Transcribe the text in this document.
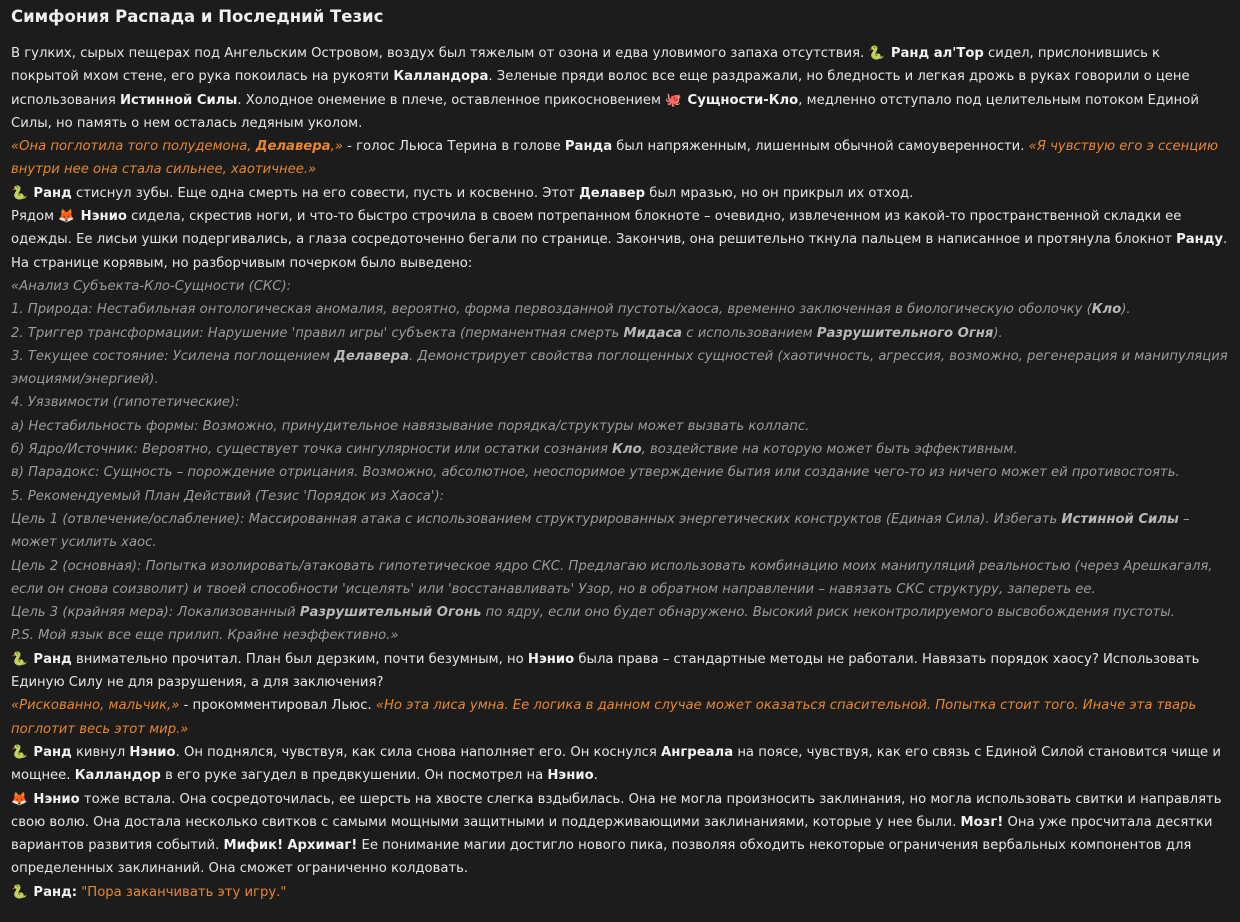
Симфония Распада и Последний Тезис

В гулких, сырых пещерах под Ангельским Островом, воздух был тяжелым от озона и едва уловимого запаха отсутствия. 🐍 Ранд ал'Тор сидел, прислонившись к покрытой мхом стене, его рука покоилась на рукояти Калландора. Зеленые пряди волос все еще раздражали, но бледность и легкая дрожь в руках говорили о цене использования Истинной Силы. Холодное онемение в плече, оставленное прикосновением 🐙 Сущности-Кло, медленно отступало под целительным потоком Единой Силы, но память о нем осталась ледяным уколом.

«Она поглотила того полудемона, Делавера,» - голос Льюса Терина в голове Ранда был напряженным, лишенным обычной самоуверенности. «Я чувствую его э ссенцию внутри нее она стала сильнее, хаотичнее.»

🐍 Ранд стиснул зубы. Еще одна смерть на его совести, пусть и косвенно. Этот Делавер был мразью, но он прикрыл их отход.

Рядом 🦊 Нэнио сидела, скрестив ноги, и что-то быстро строчила в своем потрепанном блокноте – очевидно, извлеченном из какой-то пространственной складки ее одежды. Ее лисьи ушки подергивались, а глаза сосредоточенно бегали по странице. Закончив, она решительно ткнула пальцем в написанное и протянула блокнот Ранду.

На странице корявым, но разборчивым почерком было выведено:

«Анализ Субъекта-Кло-Сущности (СКС):

1. Природа: Нестабильная онтологическая аномалия, вероятно, форма первозданной пустоты/хаоса, временно заключенная в биологическую оболочку (Кло).

2. Триггер трансформации: Нарушение 'правил игры' субъекта (перманентная смерть Мидаса с использованием Разрушительного Огня).

3. Текущее состояние: Усилена поглощением Делавера. Демонстрирует свойства поглощенных сущностей (хаотичность, агрессия, возможно, регенерация и манипуляция эмоциями/энергией).

4. Уязвимости (гипотетические):

а) Нестабильность формы: Возможно, принудительное навязывание порядка/структуры может вызвать коллапс.

б) Ядро/Источник: Вероятно, существует точка сингулярности или остатки сознания Кло, воздействие на которую может быть эффективным.

в) Парадокс: Сущность – порождение отрицания. Возможно, абсолютное, неоспоримое утверждение бытия или создание чего-то из ничего может ей противостоять.

5. Рекомендуемый План Действий (Тезис 'Порядок из Хаоса'):

Цель 1 (отвлечение/ослабление): Массированная атака с использованием структурированных энергетических конструктов (Единая Сила). Избегать Истинной Силы – может усилить хаос.

Цель 2 (основная): Попытка изолировать/атаковать гипотетическое ядро СКС. Предлагаю использовать комбинацию моих манипуляций реальностью (через Арешкагаля, если он снова соизволит) и твоей способности 'исцелять' или 'восстанавливать' Узор, но в обратном направлении – навязать СКС структуру, запереть ее.

Цель 3 (крайняя мера): Локализованный Разрушительный Огонь по ядру, если оно будет обнаружено. Высокий риск неконтролируемого высвобождения пустоты.

P.S. Мой язык все еще прилип. Крайне неэффективно.»

🐍 Ранд внимательно прочитал. План был дерзким, почти безумным, но Нэнио была права – стандартные методы не работали. Навязать порядок хаосу? Использовать Единую Силу не для разрушения, а для заключения?

«Рискованно, мальчик,» - прокомментировал Льюс. «Но эта лиса умна. Ее логика в данном случае может оказаться спасительной. Попытка стоит того. Иначе эта тварь поглотит весь этот мир.»

🐍 Ранд кивнул Нэнио. Он поднялся, чувствуя, как сила снова наполняет его. Он коснулся Ангреала на поясе, чувствуя, как его связь с Единой Силой становится чище и мощнее. Калландор в его руке загудел в предвкушении. Он посмотрел на Нэнио.

🦊 Нэнио тоже встала. Она сосредоточилась, ее шерсть на хвосте слегка вздыбилась. Она не могла произносить заклинания, но могла использовать свитки и направлять свою волю. Она достала несколько свитков с самыми мощными защитными и поддерживающими заклинаниями, которые у нее были. Мозг! Она уже просчитала десятки вариантов развития событий. Мифик! Архимаг! Ее понимание магии достигло нового пика, позволяя обходить некоторые ограничения вербальных компонентов для определенных заклинаний. Она сможет ограниченно колдовать.

🐍 Ранд: "Пора заканчивать эту игру."
